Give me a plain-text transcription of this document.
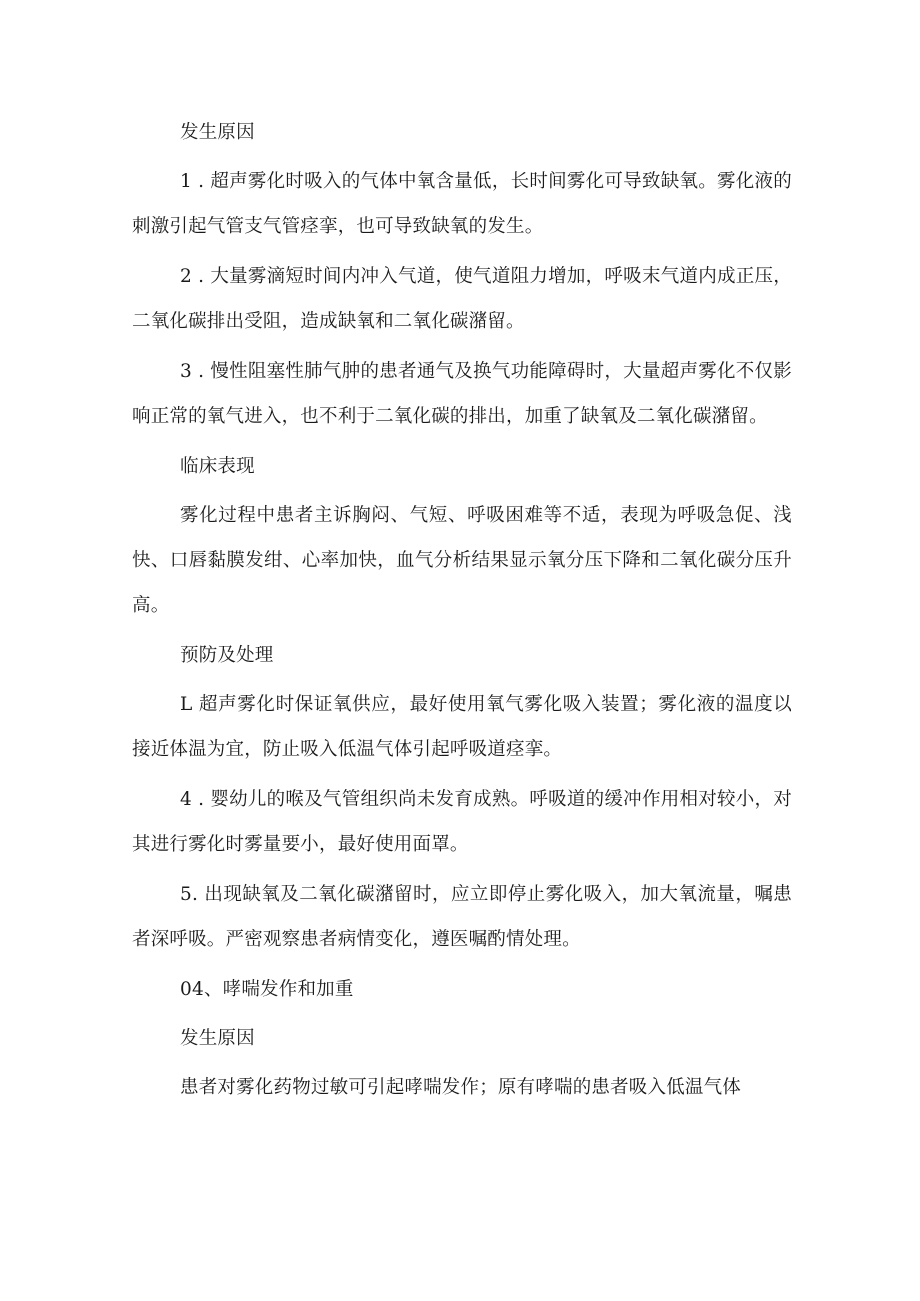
发生原因

1 . 超声雾化时吸入的气体中氧含量低，长时间雾化可导致缺氧。雾化液的刺激引起气管支气管痉挛，也可导致缺氧的发生。

2 . 大量雾滴短时间内冲入气道，使气道阻力增加，呼吸末气道内成正压，二氧化碳排出受阻，造成缺氧和二氧化碳潴留。

3 . 慢性阻塞性肺气肿的患者通气及换气功能障碍时，大量超声雾化不仅影响正常的氧气进入，也不利于二氧化碳的排出，加重了缺氧及二氧化碳潴留。

临床表现

雾化过程中患者主诉胸闷、气短、呼吸困难等不适，表现为呼吸急促、浅快、口唇黏膜发绀、心率加快，血气分析结果显示氧分压下降和二氧化碳分压升高。

预防及处理

L 超声雾化时保证氧供应，最好使用氧气雾化吸入装置；雾化液的温度以接近体温为宜，防止吸入低温气体引起呼吸道痉挛。

4 . 婴幼儿的喉及气管组织尚未发育成熟。呼吸道的缓冲作用相对较小，对其进行雾化时雾量要小，最好使用面罩。

5. 出现缺氧及二氧化碳潴留时，应立即停止雾化吸入，加大氧流量，嘱患者深呼吸。严密观察患者病情变化，遵医嘱酌情处理。

04、哮喘发作和加重

发生原因

患者对雾化药物过敏可引起哮喘发作；原有哮喘的患者吸入低温气体
